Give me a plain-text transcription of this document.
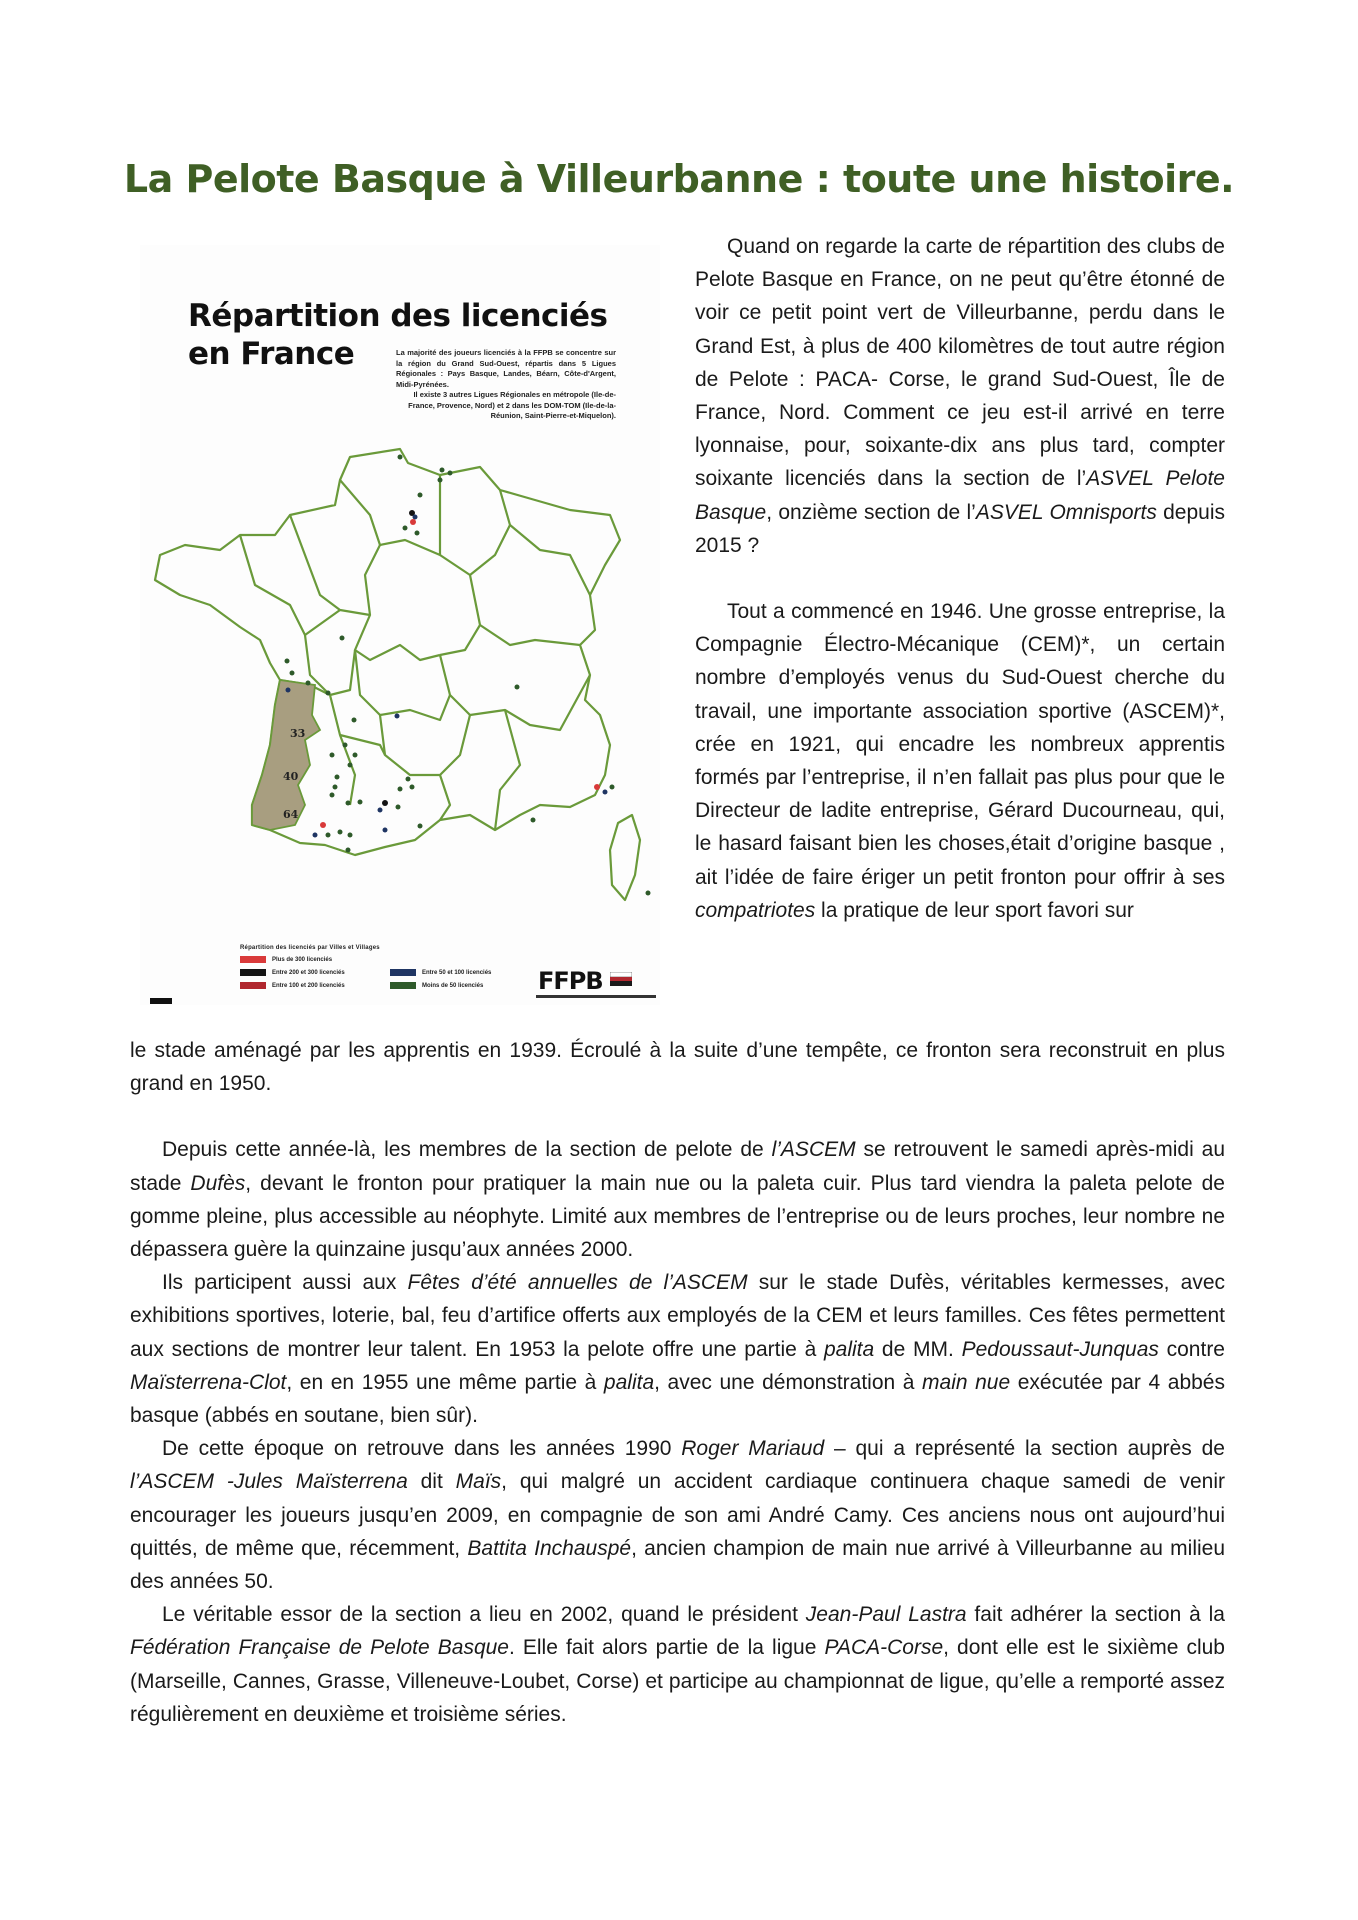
La Pelote Basque à Villeurbanne : toute une histoire.
Répartition des licenciés
en France	La majorité des joueurs licenciés à la FFPB se concentre sur la région du Grand Sud-Ouest, répartis dans 5 Ligues Régionales : Pays Basque, Landes, Béarn, Côte-d'Argent, Midi-Pyrénées.
Il existe 3 autres Ligues Régionales en métropole (Ile-de-France, Provence, Nord) et 2 dans les DOM-TOM (Ile-de-la-Réunion, Saint-Pierre-et-Miquelon).
33
40
64
Répartition des licenciés par Villes et Villages
Plus de 300 licenciés
Entre 200 et 300 licenciés	Entre 50 et 100 licenciés
Entre 100 et 200 licenciés	Moins de 50 licenciés FFPB

Quand on regarde la carte de répartition des clubs de Pelote Basque en France, on ne peut qu’être étonné de voir ce petit point vert de Villeurbanne, perdu dans le Grand Est, à plus de 400 kilomètres de tout autre région de Pelote : PACA- Corse, le grand Sud-Ouest, Île de France, Nord. Comment ce jeu est-il arrivé en terre lyonnaise, pour, soixante-dix ans plus tard, compter soixante licenciés dans la section de l’ASVEL Pelote Basque, onzième section de l’ASVEL Omnisports depuis 2015 ?

Tout a commencé en 1946. Une grosse entreprise, la Compagnie Électro-Mécanique (CEM)*, un certain nombre d’employés venus du Sud-Ouest cherche du travail, une importante association sportive (ASCEM)*, crée en 1921, qui encadre les nombreux apprentis formés par l’entreprise, il n’en fallait pas plus pour que le Directeur de ladite entreprise, Gérard Ducourneau, qui, le hasard faisant bien les choses,était d’origine basque , ait l’idée de faire ériger un petit fronton pour offrir à ses compatriotes la pratique de leur sport favori sur

le stade aménagé par les apprentis en 1939. Écroulé à la suite d’une tempête, ce fronton sera reconstruit en plus grand en 1950.

Depuis cette année-là, les membres de la section de pelote de l’ASCEM se retrouvent le samedi après-midi au stade Dufès, devant le fronton pour pratiquer la main nue ou la paleta cuir. Plus tard viendra la paleta pelote de gomme pleine, plus accessible au néophyte. Limité aux membres de l’entreprise ou de leurs proches, leur nombre ne dépassera guère la quinzaine jusqu’aux années 2000.

Ils participent aussi aux Fêtes d’été annuelles de l’ASCEM sur le stade Dufès, véritables kermesses, avec exhibitions sportives, loterie, bal, feu d’artifice offerts aux employés de la CEM et leurs familles. Ces fêtes permettent aux sections de montrer leur talent. En 1953 la pelote offre une partie à palita de MM. Pedoussaut-Junquas contre Maïsterrena-Clot, en en 1955 une même partie à palita, avec une démonstration à main nue exécutée par 4 abbés basque (abbés en soutane, bien sûr).

De cette époque on retrouve dans les années 1990 Roger Mariaud – qui a représenté la section auprès de l’ASCEM -Jules Maïsterrena dit Maïs, qui malgré un accident cardiaque continuera chaque samedi de venir encourager les joueurs jusqu’en 2009, en compagnie de son ami André Camy. Ces anciens nous ont aujourd’hui quittés, de même que, récemment, Battita Inchauspé, ancien champion de main nue arrivé à Villeurbanne au milieu des années 50.

Le véritable essor de la section a lieu en 2002, quand le président Jean-Paul Lastra fait adhérer la section à la Fédération Française de Pelote Basque. Elle fait alors partie de la ligue PACA-Corse, dont elle est le sixième club (Marseille, Cannes, Grasse, Villeneuve-Loubet, Corse) et participe au championnat de ligue, qu’elle a remporté assez régulièrement en deuxième et troisième séries.
